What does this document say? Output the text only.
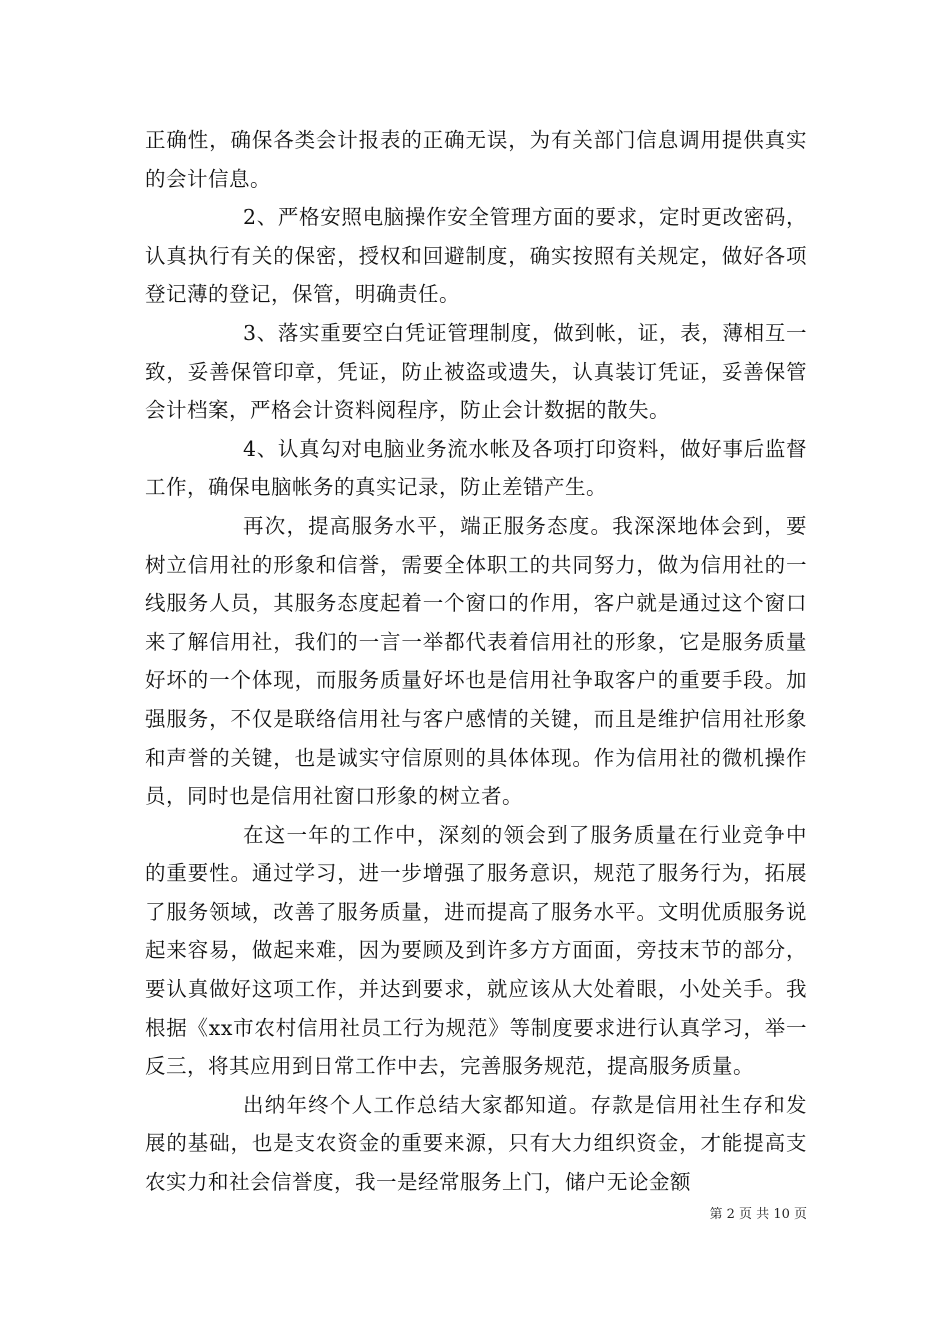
正确性，确保各类会计报表的正确无误，为有关部门信息调用提供真实的会计信息。

2、严格安照电脑操作安全管理方面的要求，定时更改密码，认真执行有关的保密，授权和回避制度，确实按照有关规定，做好各项登记薄的登记，保管，明确责任。

3、落实重要空白凭证管理制度，做到帐，证，表，薄相互一致，妥善保管印章，凭证，防止被盗或遗失，认真装订凭证，妥善保管会计档案，严格会计资料阅程序，防止会计数据的散失。

4、认真勾对电脑业务流水帐及各项打印资料，做好事后监督工作，确保电脑帐务的真实记录，防止差错产生。

再次，提高服务水平，端正服务态度。我深深地体会到，要树立信用社的形象和信誉，需要全体职工的共同努力，做为信用社的一线服务人员，其服务态度起着一个窗口的作用，客户就是通过这个窗口来了解信用社，我们的一言一举都代表着信用社的形象，它是服务质量好坏的一个体现，而服务质量好坏也是信用社争取客户的重要手段。加强服务，不仅是联络信用社与客户感情的关键，而且是维护信用社形象和声誉的关键，也是诚实守信原则的具体体现。作为信用社的微机操作员，同时也是信用社窗口形象的树立者。

在这一年的工作中，深刻的领会到了服务质量在行业竞争中的重要性。通过学习，进一步增强了服务意识，规范了服务行为，拓展了服务领域，改善了服务质量，进而提高了服务水平。文明优质服务说起来容易，做起来难，因为要顾及到许多方方面面，旁技末节的部分，要认真做好这项工作，并达到要求，就应该从大处着眼，小处关手。我根据《xx市农村信用社员工行为规范》等制度要求进行认真学习，举一反三，将其应用到日常工作中去，完善服务规范，提高服务质量。

出纳年终个人工作总结大家都知道。存款是信用社生存和发展的基础，也是支农资金的重要来源，只有大力组织资金，才能提高支农实力和社会信誉度，我一是经常服务上门，储户无论金额

第 2 页 共 10 页
